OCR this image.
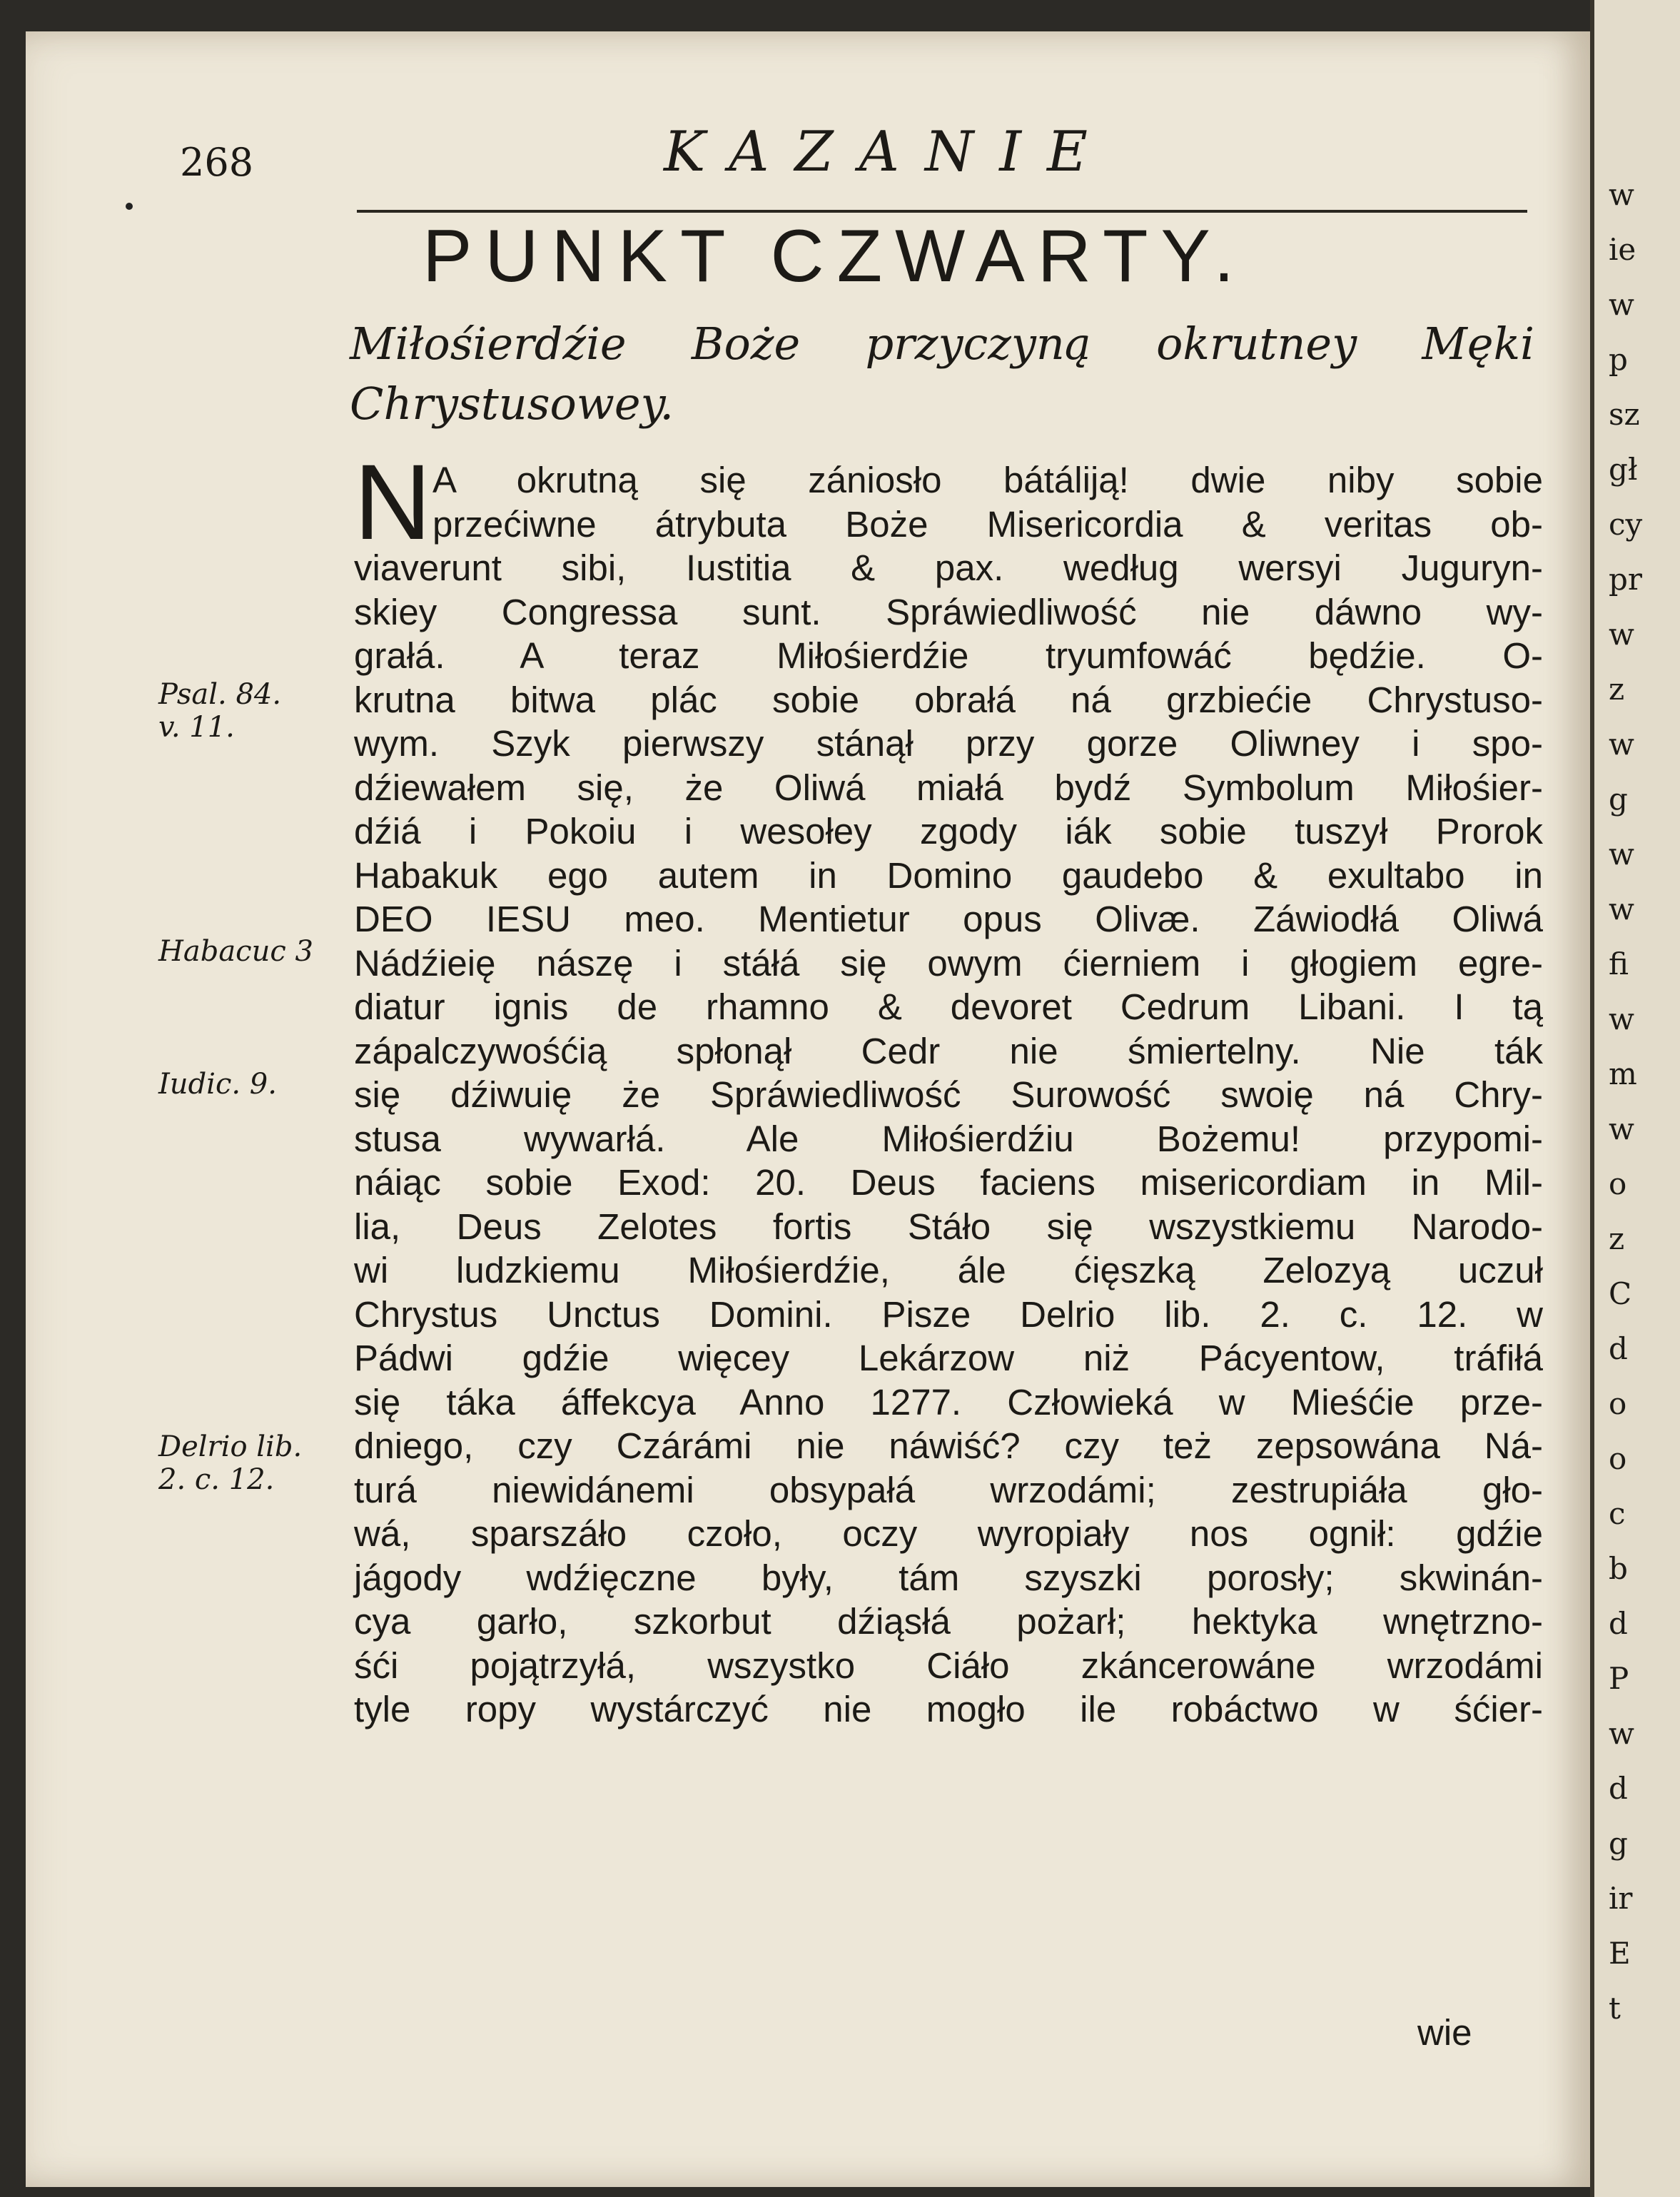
w
ie
w
p
sz
gł
cy
pr
w
z
w
g
w
w
fi
w
m
w
o
z
C
d
o
o
c
b
d
P
w
d
g
ir
E
t
268	KAZANIE
PUNKT CZWARTY.
Miłośierdźie Boże przyczyną okrutney Męki
Chrystusowey.
N A okrutną się zániosło bátáliją! dwie niby sobie
przećiwne átrybuta Boże Misericordia & veritas ob-
viaverunt sibi, Iustitia & pax. według wersyi Juguryn-
skiey Congressa sunt. Spráwiedliwość nie dáwno wy-
grałá. A teraz Miłośierdźie tryumfowáć będźie. O-
krutna bitwa plác sobie obrałá ná grzbiećie Chrystuso-
wym. Szyk pierwszy stánął przy gorze Oliwney i spo-
dźiewałem się, że Oliwá miałá bydź Symbolum Miłośier-
dźiá i Pokoiu i wesołey zgody iák sobie tuszył Prorok
Habakuk ego autem in Domino gaudebo & exultabo in
DEO IESU meo. Mentietur opus Olivæ. Záwiodłá Oliwá
Nádźieię nászę i stáłá się owym ćierniem i głogiem egre-
diatur ignis de rhamno & devoret Cedrum Libani. I tą
zápalczywośćią spłonął Cedr nie śmiertelny. Nie ták
się dźiwuię że Spráwiedliwość Surowość swoię ná Chry-
stusa wywarłá. Ale Miłośierdźiu Bożemu! przypomi-
náiąc sobie Exod: 20. Deus faciens misericordiam in Mil-
lia, Deus Zelotes fortis Stáło się wszystkiemu Narodo-
wi ludzkiemu Miłośierdźie, ále ćięszką Zelozyą uczuł
Chrystus Unctus Domini. Pisze Delrio lib. 2. c. 12. w
Pádwi gdźie więcey Lekárzow niż Pácyentow, tráfiłá
się táka áffekcya Anno 1277. Człowieká w Mieśćie prze-
dniego, czy Czárámi nie náwiść? czy też zepsowána Ná-
turá niewidánemi obsypałá wrzodámi; zestrupiáła gło-
wá, sparszáło czoło, oczy wyropiały nos ognił: gdźie
jágody wdźięczne były, tám szyszki porosły; skwinán-
cya garło, szkorbut dźiąsłá pożarł; hektyka wnętrzno-
śći pojątrzyłá, wszystko Ciáło zkáncerowáne wrzodámi
tyle ropy wystárczyć nie mogło ile robáctwo w śćier-
wie
Psal. 84. v. 11.
Habacuc 3
Iudic. 9.
Delrio lib. 2. c. 12.
